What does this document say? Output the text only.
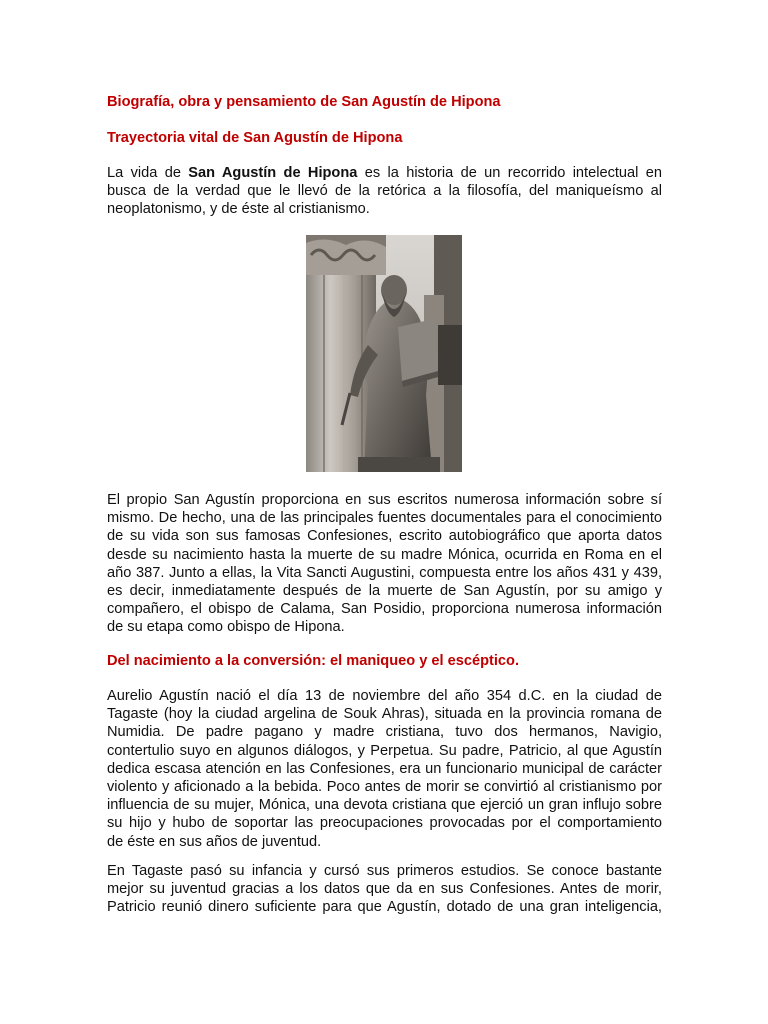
Biografía, obra y pensamiento de San Agustín de Hipona
Trayectoria vital de San Agustín de Hipona
La vida de San Agustín de Hipona es la historia de un recorrido intelectual en
busca de la verdad que le llevó de la retórica a la filosofía, del maniqueísmo al
neoplatonismo, y de éste al cristianismo.
El propio San Agustín proporciona en sus escritos numerosa información sobre sí
mismo. De hecho, una de las principales fuentes documentales para el conocimiento
de su vida son sus famosas Confesiones, escrito autobiográfico que aporta datos
desde su nacimiento hasta la muerte de su madre Mónica, ocurrida en Roma en el
año 387. Junto a ellas, la Vita Sancti Augustini, compuesta entre los años 431 y 439,
es decir, inmediatamente después de la muerte de San Agustín, por su amigo y
compañero, el obispo de Calama, San Posidio, proporciona numerosa información
de su etapa como obispo de Hipona.
Del nacimiento a la conversión: el maniqueo y el escéptico.
Aurelio Agustín nació el día 13 de noviembre del año 354 d.C. en la ciudad de
Tagaste (hoy la ciudad argelina de Souk Ahras), situada en la provincia romana de
Numidia. De padre pagano y madre cristiana, tuvo dos hermanos, Navigio,
contertulio suyo en algunos diálogos, y Perpetua. Su padre, Patricio, al que Agustín
dedica escasa atención en las Confesiones, era un funcionario municipal de carácter
violento y aficionado a la bebida. Poco antes de morir se convirtió al cristianismo por
influencia de su mujer, Mónica, una devota cristiana que ejerció un gran influjo sobre
su hijo y hubo de soportar las preocupaciones provocadas por el comportamiento
de éste en sus años de juventud.
En Tagaste pasó su infancia y cursó sus primeros estudios. Se conoce bastante
mejor su juventud gracias a los datos que da en sus Confesiones. Antes de morir,
Patricio reunió dinero suficiente para que Agustín, dotado de una gran inteligencia,
